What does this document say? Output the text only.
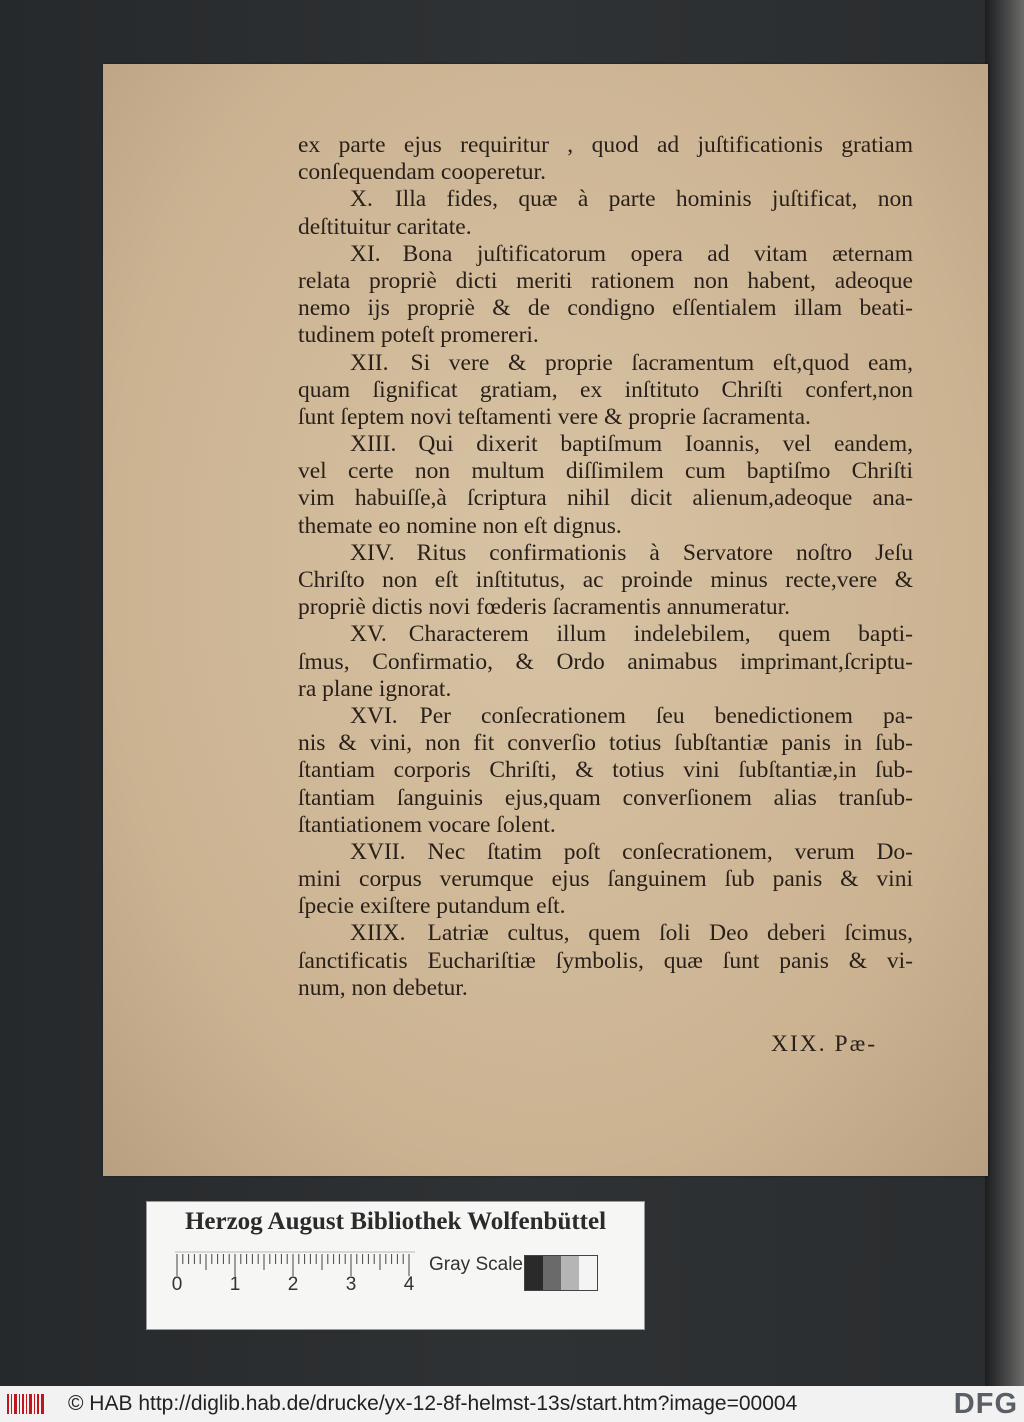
ex parte ejus requiritur , quod ad juſtificationis gratiam
conſequendam cooperetur.
X. Illa fides, quæ à parte hominis juſtificat, non
deſtituitur caritate.
XI. Bona juſtificatorum opera ad vitam æternam
relata propriè dicti meriti rationem non habent, adeoque
nemo ijs propriè & de condigno eſſentialem illam beati-
tudinem poteſt promereri.
XII. Si vere & proprie ſacramentum eſt,quod eam,
quam ſignificat gratiam, ex inſtituto Chriſti confert,non
ſunt ſeptem novi teſtamenti vere & proprie ſacramenta.
XIII. Qui dixerit baptiſmum Ioannis, vel eandem,
vel certe non multum diſſimilem cum baptiſmo Chriſti
vim habuiſſe,à ſcriptura nihil dicit alienum,adeoque ana-
themate eo nomine non eſt dignus.
XIV. Ritus confirmationis à Servatore noſtro Jeſu
Chriſto non eſt inſtitutus, ac proinde minus recte,vere &
propriè dictis novi fœderis ſacramentis annumeratur.
XV. Characterem illum indelebilem, quem bapti-
ſmus, Confirmatio, & Ordo animabus imprimant,ſcriptu-
ra plane ignorat.
XVI. Per conſecrationem ſeu benedictionem pa-
nis & vini, non fit converſio totius ſubſtantiæ panis in ſub-
ſtantiam corporis Chriſti, & totius vini ſubſtantiæ,in ſub-
ſtantiam ſanguinis ejus,quam converſionem alias tranſub-
ſtantiationem vocare ſolent.
XVII. Nec ſtatim poſt conſecrationem, verum Do-
mini corpus verumque ejus ſanguinem ſub panis & vini
ſpecie exiſtere putandum eſt.
XIIX. Latriæ cultus, quem ſoli Deo deberi ſcimus,
ſanctificatis Euchariſtiæ ſymbolis, quæ ſunt panis & vi-
num, non debetur.
XIX. Pæ-
Herzog August Bibliothek Wolfenbüttel
0 1 2 3 4
Gray Scale
© HAB http://diglib.hab.de/drucke/yx-12-8f-helmst-13s/start.htm?image=00004	DFG
